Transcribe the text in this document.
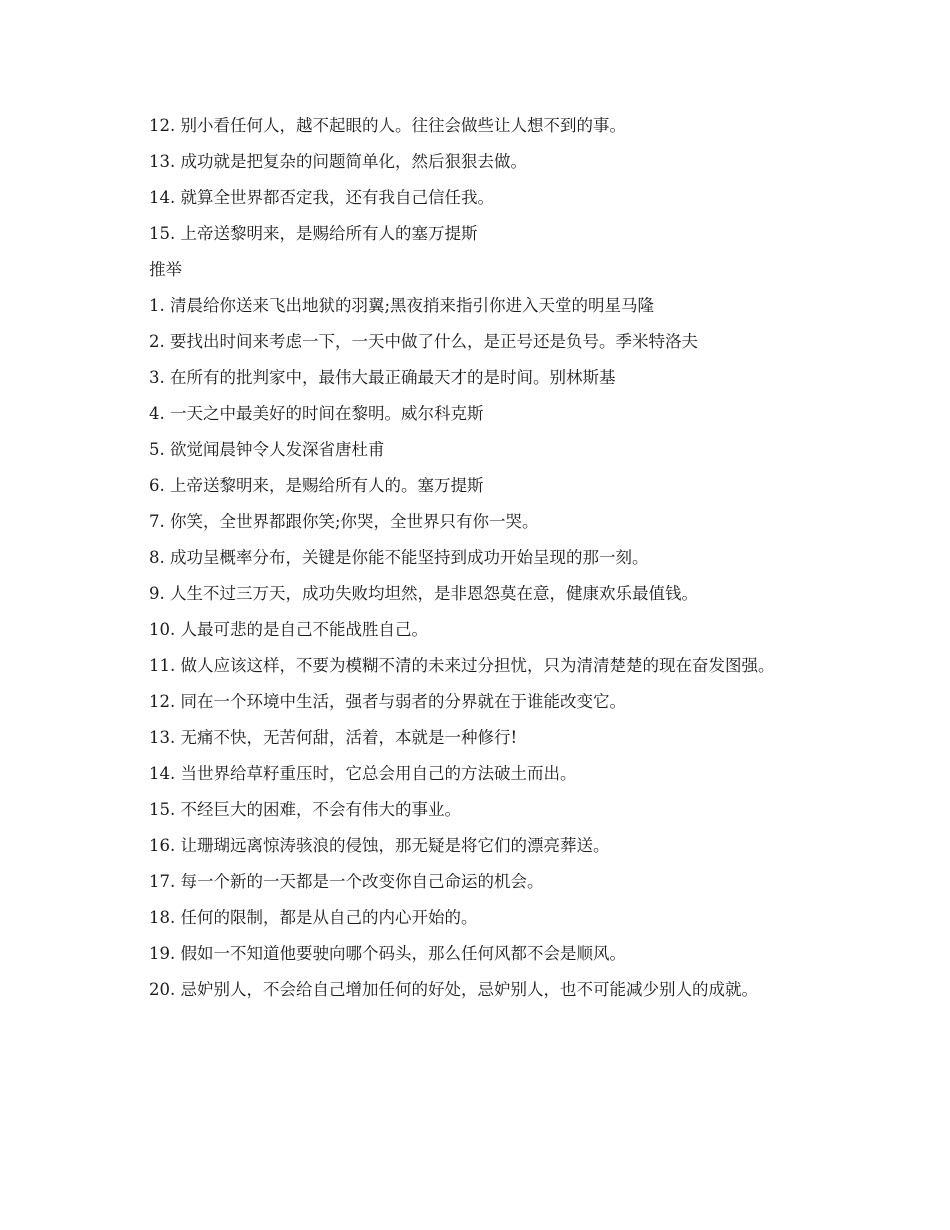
12. 别小看任何人，越不起眼的人。往往会做些让人想不到的事。

13. 成功就是把复杂的问题简单化，然后狠狠去做。

14. 就算全世界都否定我，还有我自己信任我。

15. 上帝送黎明来，是赐给所有人的塞万提斯

推举

1. 清晨给你送来飞出地狱的羽翼;黑夜捎来指引你进入天堂的明星马隆

2. 要找出时间来考虑一下，一天中做了什么，是正号还是负号。季米特洛夫

3. 在所有的批判家中，最伟大最正确最天才的是时间。别林斯基

4. 一天之中最美好的时间在黎明。威尔科克斯

5. 欲觉闻晨钟令人发深省唐杜甫

6. 上帝送黎明来，是赐给所有人的。塞万提斯

7. 你笑，全世界都跟你笑;你哭，全世界只有你一哭。

8. 成功呈概率分布，关键是你能不能坚持到成功开始呈现的那一刻。

9. 人生不过三万天，成功失败均坦然，是非恩怨莫在意，健康欢乐最值钱。

10. 人最可悲的是自己不能战胜自己。

11. 做人应该这样，不要为模糊不清的未来过分担忧，只为清清楚楚的现在奋发图强。

12. 同在一个环境中生活，强者与弱者的分界就在于谁能改变它。

13. 无痛不快，无苦何甜，活着，本就是一种修行!

14. 当世界给草籽重压时，它总会用自己的方法破土而出。

15. 不经巨大的困难，不会有伟大的事业。

16. 让珊瑚远离惊涛骇浪的侵蚀，那无疑是将它们的漂亮葬送。

17. 每一个新的一天都是一个改变你自己命运的机会。

18. 任何的限制，都是从自己的内心开始的。

19. 假如一不知道他要驶向哪个码头，那么任何风都不会是顺风。

20. 忌妒别人，不会给自己增加任何的好处，忌妒别人，也不可能减少别人的成就。
